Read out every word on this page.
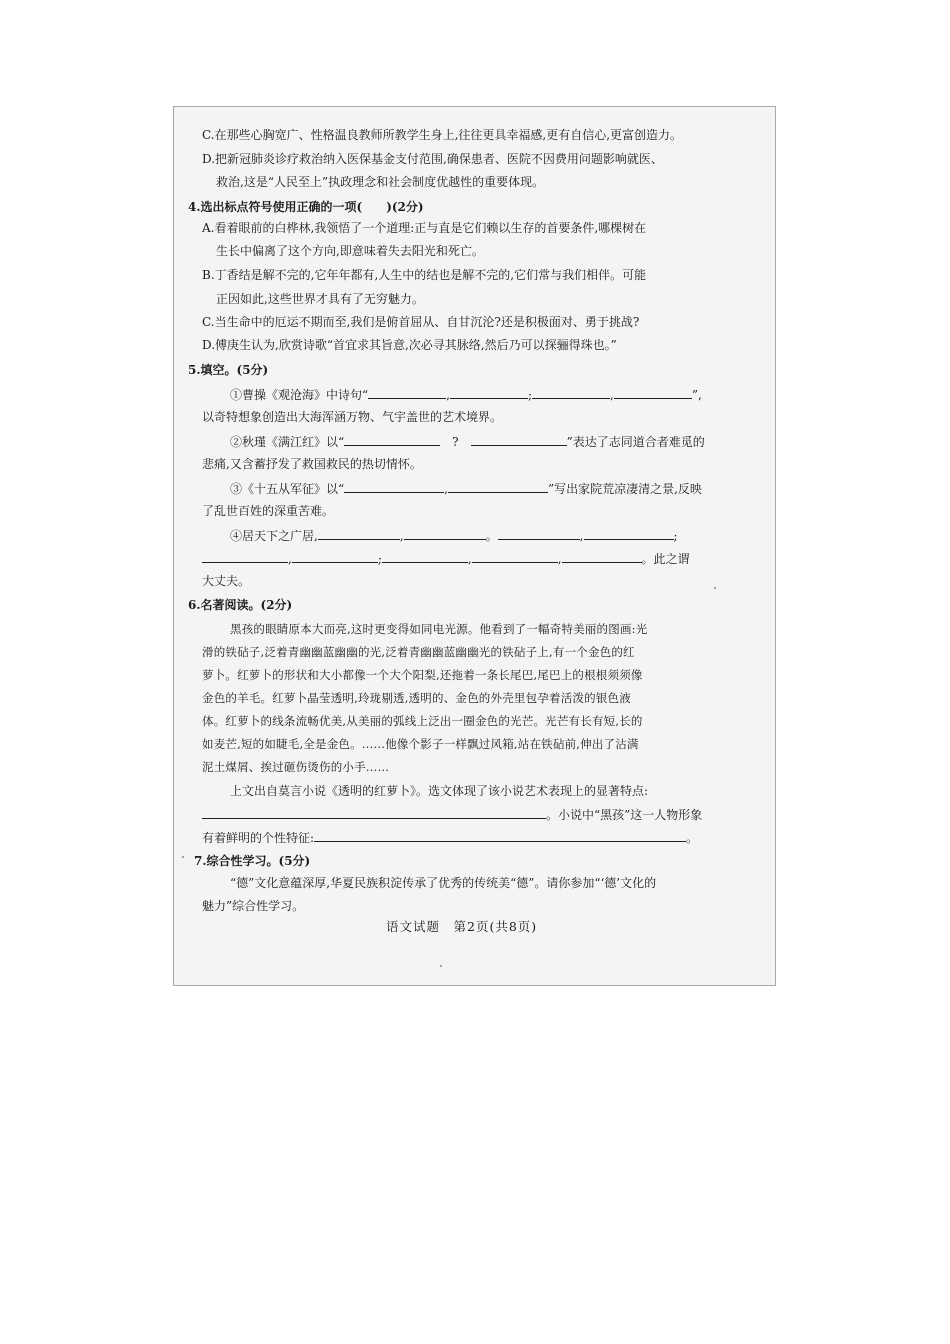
C.在那些心胸宽广、性格温良教师所教学生身上,往往更具幸福感,更有自信心,更富创造力。
D.把新冠肺炎诊疗救治纳入医保基金支付范围,确保患者、医院不因费用问题影响就医、
救治,这是“人民至上”执政理念和社会制度优越性的重要体现。
4.选出标点符号使用正确的一项(　　)(2分)
A.看着眼前的白桦林,我领悟了一个道理:正与直是它们赖以生存的首要条件,哪棵树在
生长中偏离了这个方向,即意味着失去阳光和死亡。
B.丁香结是解不完的,它年年都有,人生中的结也是解不完的,它们常与我们相伴。可能
正因如此,这些世界才具有了无穷魅力。
C.当生命中的厄运不期而至,我们是俯首屈从、自甘沉沦?还是积极面对、勇于挑战?
D.傅庚生认为,欣赏诗歌“首宜求其旨意,次必寻其脉络,然后乃可以探骊得珠也。”
5.填空。(5分)
①曹操《观沧海》中诗句“	,	;	,	”,
以奇特想象创造出大海浑涵万物、气宇盖世的艺术境界。
②秋瑾《满江红》以“　	?　	”表达了志同道合者难觅的
悲痛,又含蓄抒发了救国救民的热切情怀。
③《十五从军征》以“	,	”写出家院荒凉凄清之景,反映
了乱世百姓的深重苦难。
④居天下之广居,	,	。	,	;
,	;	,	,	。此之谓
大丈夫。
6.名著阅读。(2分)
黑孩的眼睛原本大而亮,这时更变得如同电光源。他看到了一幅奇特美丽的图画:光
滑的铁砧子,泛着青幽幽蓝幽幽的光,泛着青幽幽蓝幽幽光的铁砧子上,有一个金色的红
萝卜。红萝卜的形状和大小都像一个大个阳梨,还拖着一条长尾巴,尾巴上的根根须须像
金色的羊毛。红萝卜晶莹透明,玲珑剔透,透明的、金色的外壳里包孕着活泼的银色液
体。红萝卜的线条流畅优美,从美丽的弧线上泛出一圈金色的光芒。光芒有长有短,长的
如麦芒,短的如睫毛,全是金色。……他像个影子一样飘过风箱,站在铁砧前,伸出了沾满
泥土煤屑、挨过砸伤烫伤的小手……
上文出自莫言小说《透明的红萝卜》。选文体现了该小说艺术表现上的显著特点:
。小说中“黑孩”这一人物形象
有着鲜明的个性特征:	。
7.综合性学习。(5分)
“德”文化意蕴深厚,华夏民族积淀传承了优秀的传统美“德”。请你参加“‘德’文化的
魅力”综合性学习。
语文试题　第2页(共8页)
